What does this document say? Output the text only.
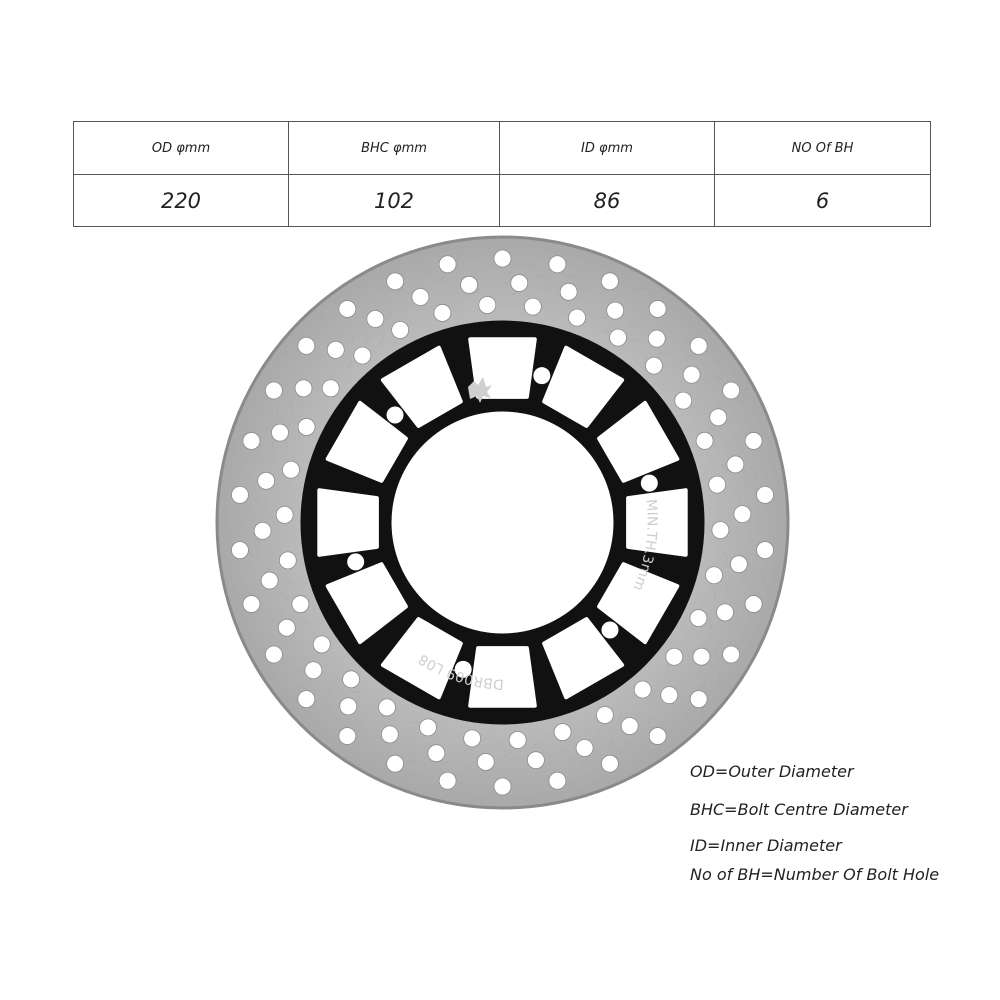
OD φmm	BHC φmm	ID φmm	NO Of BH
220	102	86	6
MIN.TH.3mm
DBR009 L08
OD=Outer Diameter
BHC=Bolt Centre Diameter
ID=Inner Diameter
No of BH=Number Of Bolt Hole
